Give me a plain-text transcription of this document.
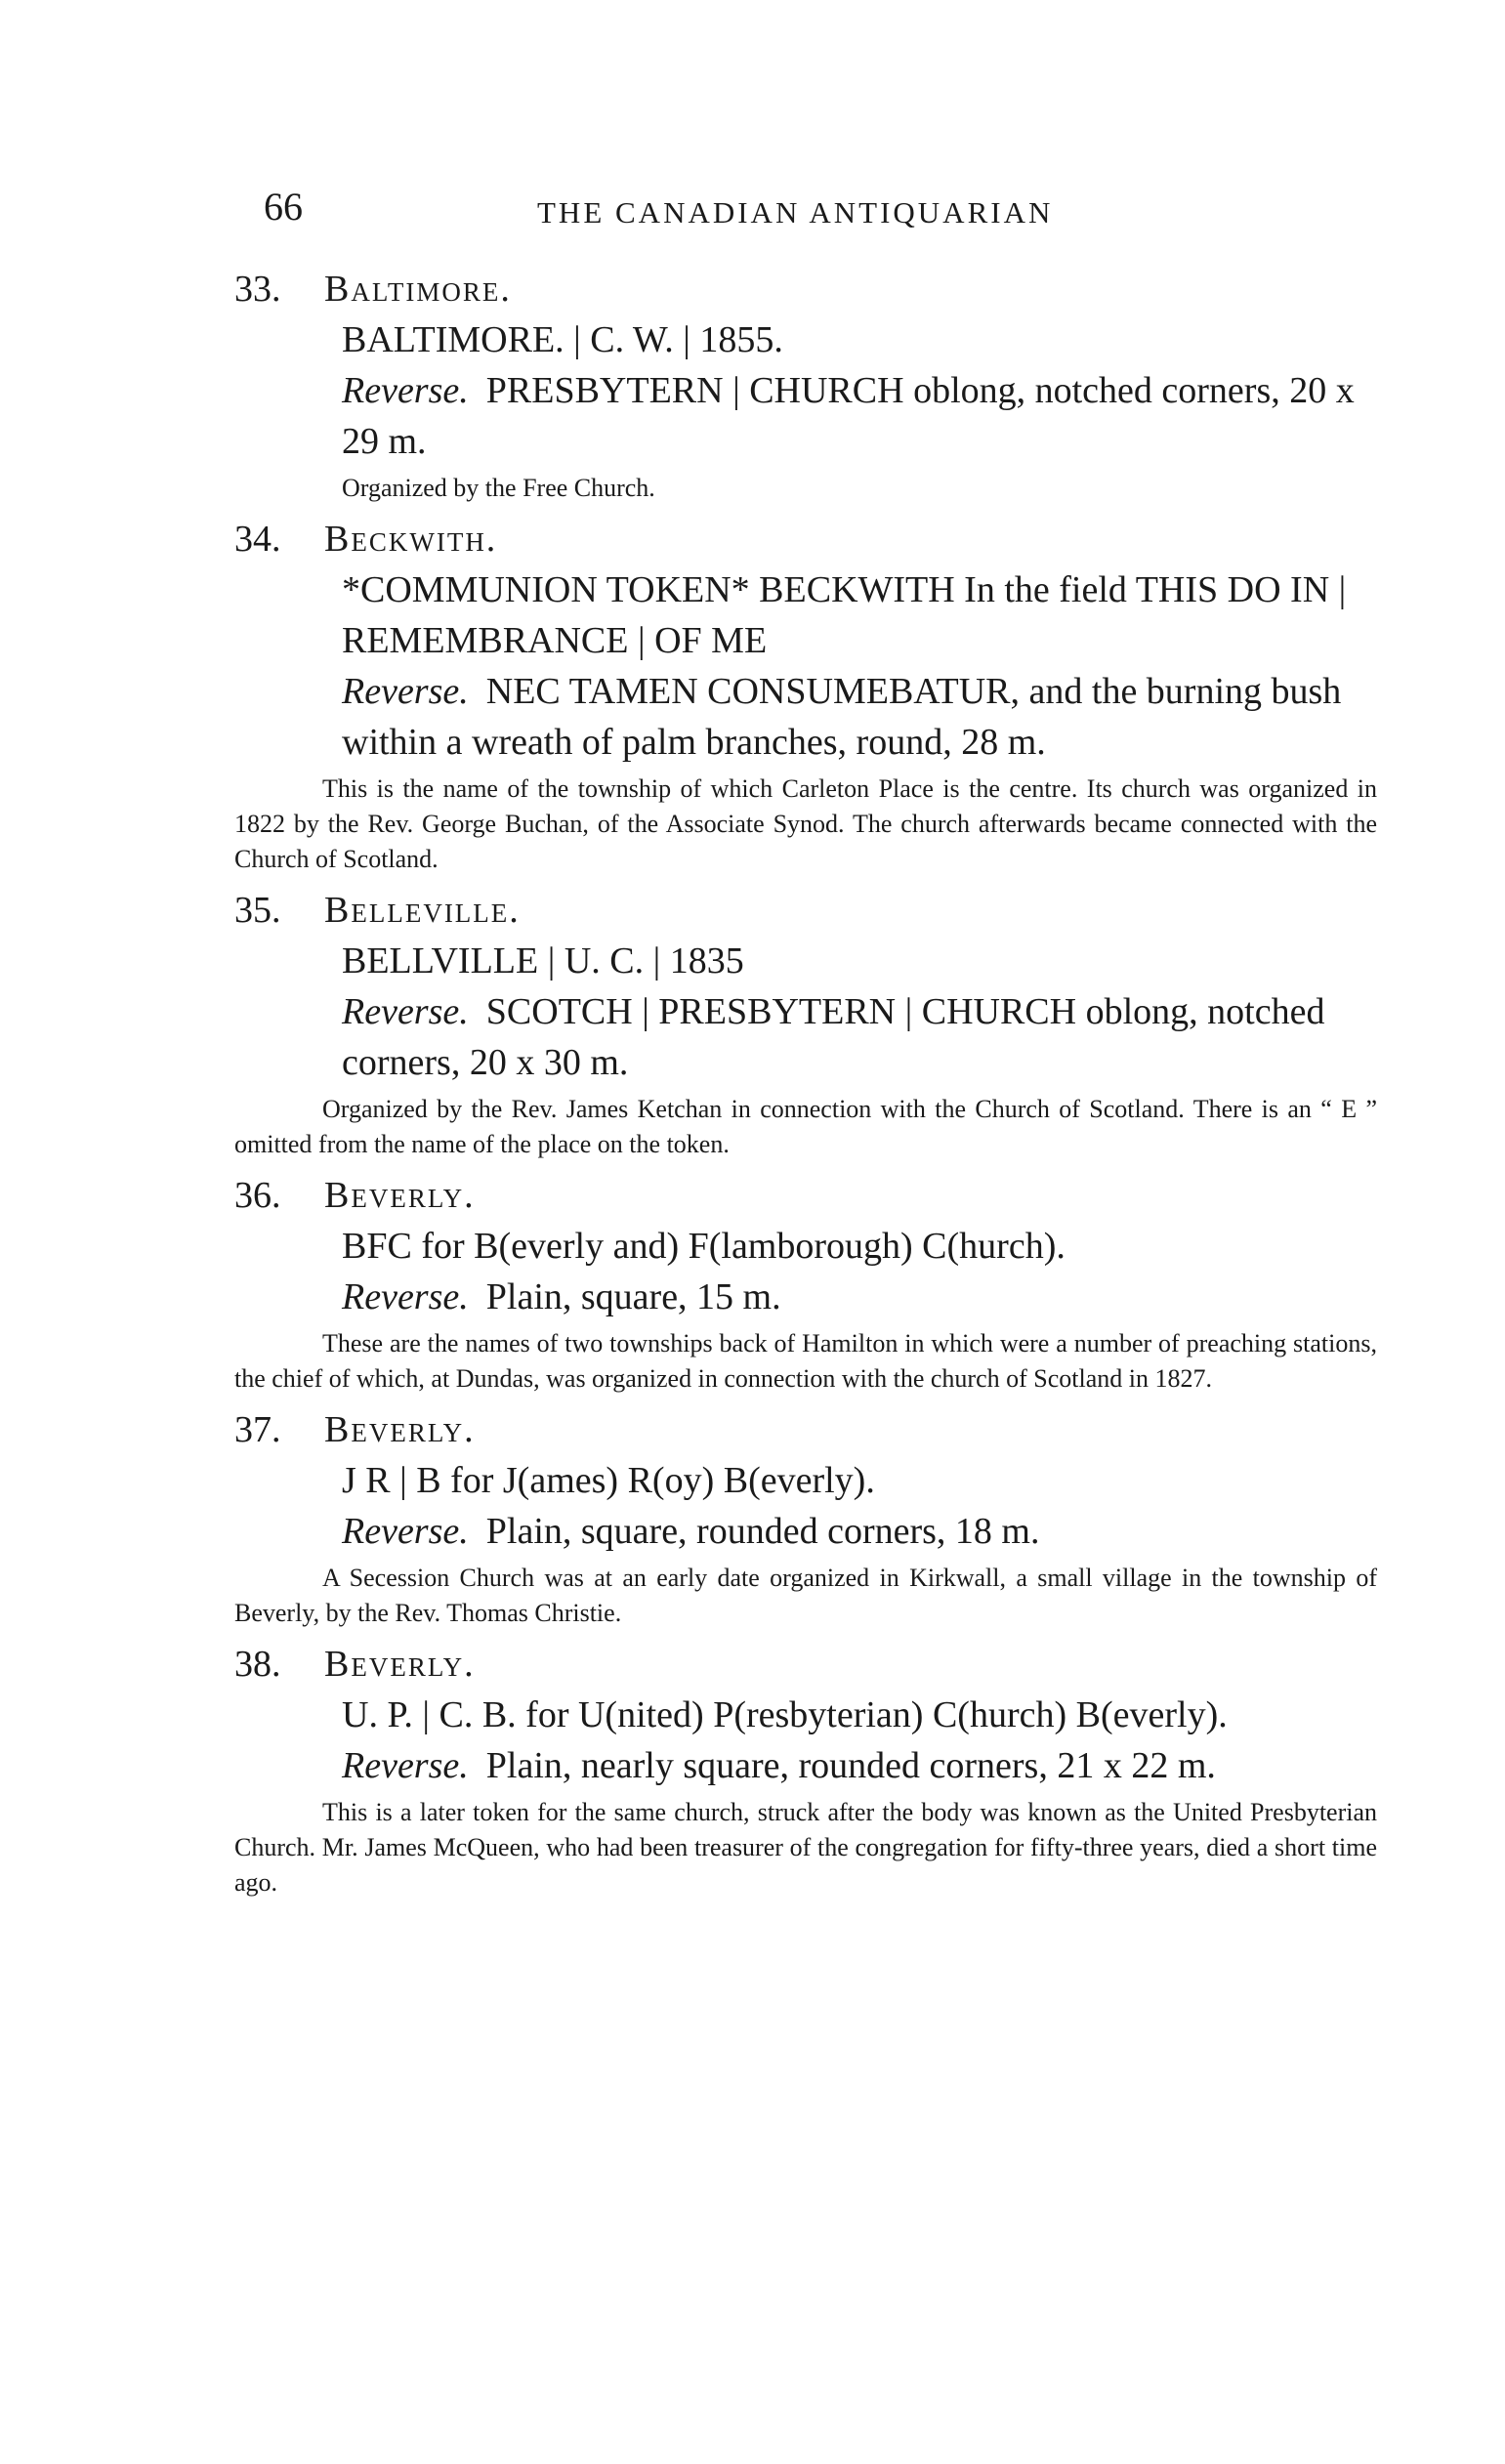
66	THE CANADIAN ANTIQUARIAN
33. Baltimore.
BALTIMORE. | C. W. | 1855.
Reverse. PRESBYTERN | CHURCH oblong, notched corners, 20 x 29 m.
Organized by the Free Church.
34. Beckwith.
*COMMUNION TOKEN* BECKWITH In the field THIS DO IN | REMEMBRANCE | OF ME
Reverse. NEC TAMEN CONSUMEBATUR, and the burning bush within a wreath of palm branches, round, 28 m.
This is the name of the township of which Carleton Place is the centre. Its church was organized in 1822 by the Rev. George Buchan, of the Associate Synod. The church afterwards became connected with the Church of Scotland.
35. Belleville.
BELLVILLE | U. C. | 1835
Reverse. SCOTCH | PRESBYTERN | CHURCH oblong, notched corners, 20 x 30 m.
Organized by the Rev. James Ketchan in connection with the Church of Scotland. There is an “ E ” omitted from the name of the place on the token.
36. Beverly.
BFC for B(everly and) F(lamborough) C(hurch).
Reverse. Plain, square, 15 m.
These are the names of two townships back of Hamilton in which were a number of preaching stations, the chief of which, at Dundas, was organized in connection with the church of Scotland in 1827.
37. Beverly.
J R | B for J(ames) R(oy) B(everly).
Reverse. Plain, square, rounded corners, 18 m.
A Secession Church was at an early date organized in Kirkwall, a small village in the township of Beverly, by the Rev. Thomas Christie.
38. Beverly.
U. P. | C. B. for U(nited) P(resbyterian) C(hurch) B(everly).
Reverse. Plain, nearly square, rounded corners, 21 x 22 m.
This is a later token for the same church, struck after the body was known as the United Presbyterian Church. Mr. James McQueen, who had been treasurer of the congregation for fifty-three years, died a short time ago.
